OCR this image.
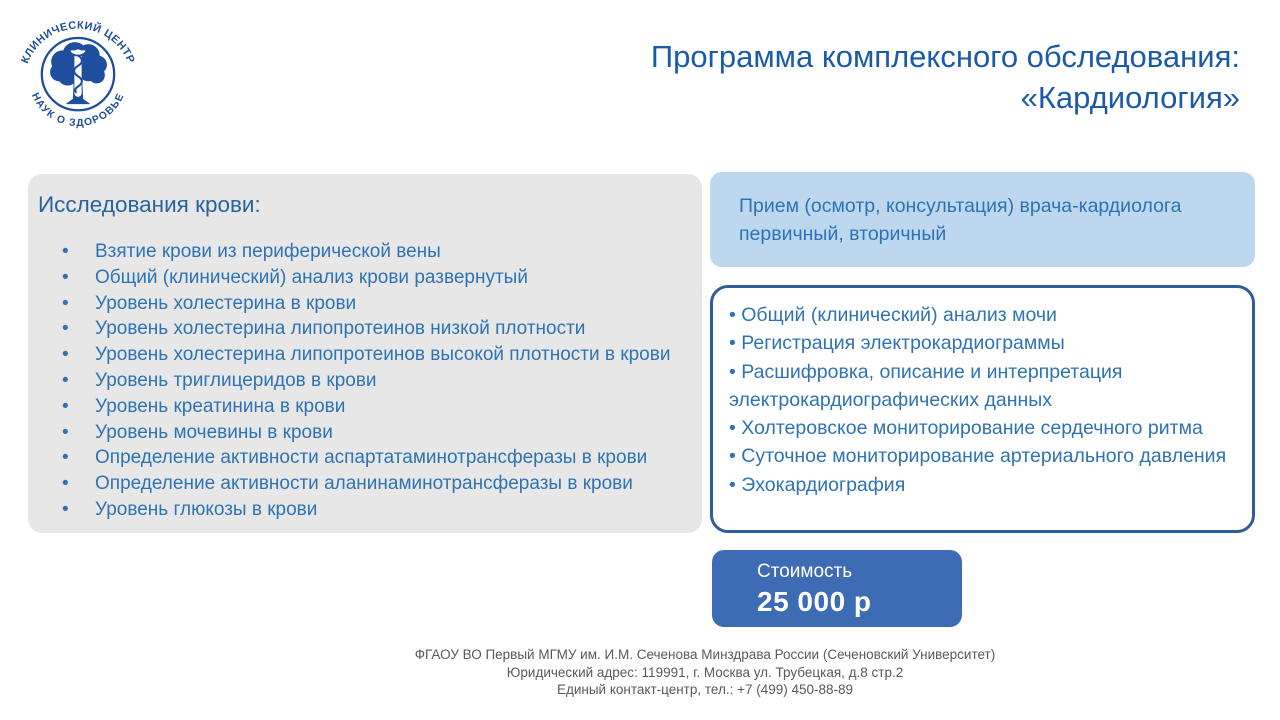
КЛИНИЧЕСКИЙ ЦЕНТР
НАУК О ЗДОРОВЬЕ
Программа комплексного обследования:
«Кардиология»
Исследования крови:
• Взятие крови из периферической вены
• Общий (клинический) анализ крови развернутый
• Уровень холестерина в крови
• Уровень холестерина липопротеинов низкой плотности
• Уровень холестерина липопротеинов высокой плотности в крови
• Уровень триглицеридов в крови
• Уровень креатинина в крови
• Уровень мочевины в крови
• Определение активности аспартатаминотрансферазы в крови
• Определение активности аланинаминотрансферазы в крови
• Уровень глюкозы в крови
Прием (осмотр, консультация) врача-кардиолога первичный, вторичный
• Общий (клинический) анализ мочи
• Регистрация электрокардиограммы
• Расшифровка, описание и интерпретация электрокардиографических данных
• Холтеровское мониторирование сердечного ритма
• Суточное мониторирование артериального давления
• Эхокардиография
Стоимость
25 000 р
ФГАОУ ВО Первый МГМУ им. И.М. Сеченова Минздрава России (Сеченовский Университет)
Юридический адрес: 119991, г. Москва ул. Трубецкая, д.8 стр.2
Единый контакт-центр, тел.: +7 (499) 450-88-89
